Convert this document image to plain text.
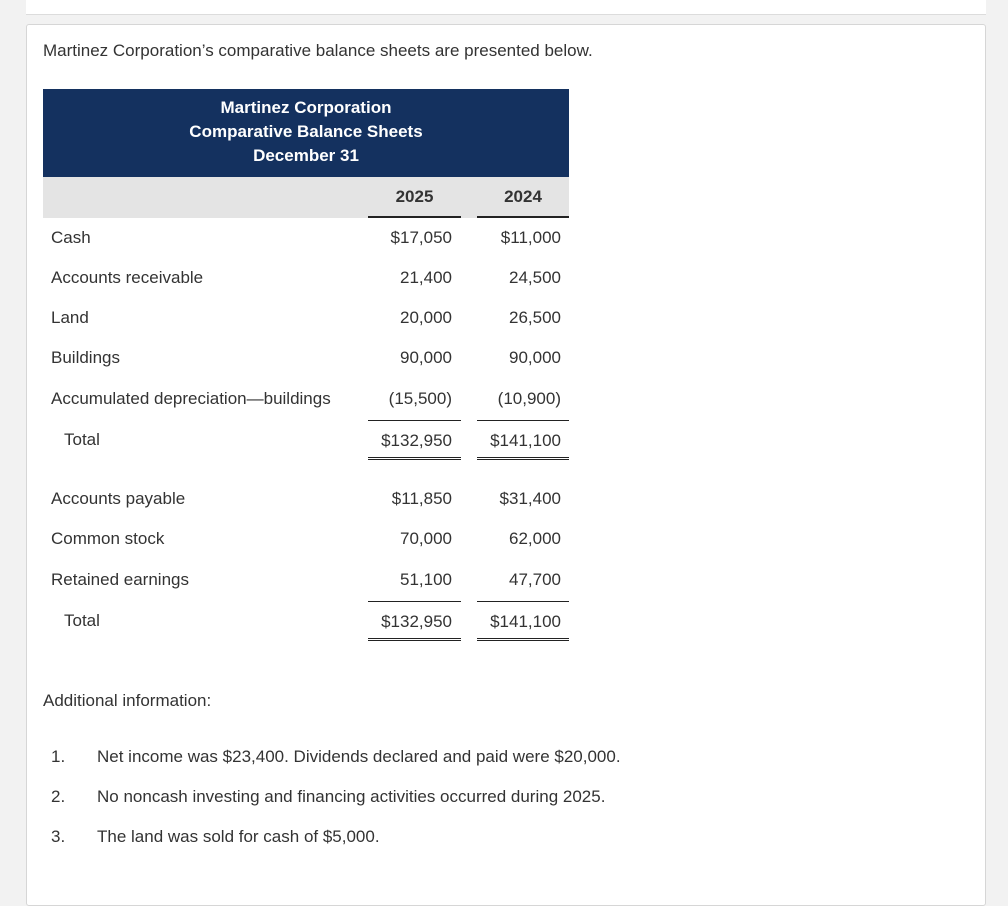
Martinez Corporation’s comparative balance sheets are presented below.
Martinez Corporation
Comparative Balance Sheets
December 31
2025	2024
Cash	$17,050	$11,000
Accounts receivable	21,400	24,500
Land	20,000	26,500
Buildings	90,000	90,000
Accumulated depreciation—buildings	(15,500)	(10,900)
Total	$132,950	$141,100
Accounts payable	$11,850	$31,400
Common stock	70,000	62,000
Retained earnings	51,100	47,700
Total	$132,950	$141,100
Additional information:
1. Net income was $23,400. Dividends declared and paid were $20,000.
2. No noncash investing and financing activities occurred during 2025.
3. The land was sold for cash of $5,000.
